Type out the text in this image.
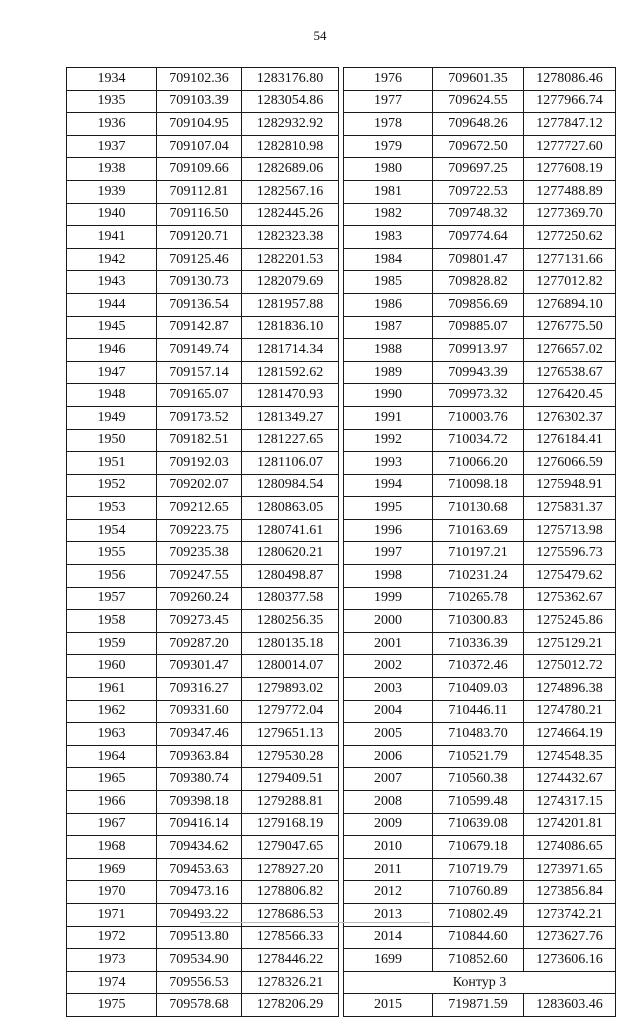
54
1934	709102.36	1283176.80
1935	709103.39	1283054.86
1936	709104.95	1282932.92
1937	709107.04	1282810.98
1938	709109.66	1282689.06
1939	709112.81	1282567.16
1940	709116.50	1282445.26
1941	709120.71	1282323.38
1942	709125.46	1282201.53
1943	709130.73	1282079.69
1944	709136.54	1281957.88
1945	709142.87	1281836.10
1946	709149.74	1281714.34
1947	709157.14	1281592.62
1948	709165.07	1281470.93
1949	709173.52	1281349.27
1950	709182.51	1281227.65
1951	709192.03	1281106.07
1952	709202.07	1280984.54
1953	709212.65	1280863.05
1954	709223.75	1280741.61
1955	709235.38	1280620.21
1956	709247.55	1280498.87
1957	709260.24	1280377.58
1958	709273.45	1280256.35
1959	709287.20	1280135.18
1960	709301.47	1280014.07
1961	709316.27	1279893.02
1962	709331.60	1279772.04
1963	709347.46	1279651.13
1964	709363.84	1279530.28
1965	709380.74	1279409.51
1966	709398.18	1279288.81
1967	709416.14	1279168.19
1968	709434.62	1279047.65
1969	709453.63	1278927.20
1970	709473.16	1278806.82
1971	709493.22	1278686.53
1972	709513.80	1278566.33
1973	709534.90	1278446.22
1974	709556.53	1278326.21
1975	709578.68	1278206.29
1976	709601.35	1278086.46
1977	709624.55	1277966.74
1978	709648.26	1277847.12
1979	709672.50	1277727.60
1980	709697.25	1277608.19
1981	709722.53	1277488.89
1982	709748.32	1277369.70
1983	709774.64	1277250.62
1984	709801.47	1277131.66
1985	709828.82	1277012.82
1986	709856.69	1276894.10
1987	709885.07	1276775.50
1988	709913.97	1276657.02
1989	709943.39	1276538.67
1990	709973.32	1276420.45
1991	710003.76	1276302.37
1992	710034.72	1276184.41
1993	710066.20	1276066.59
1994	710098.18	1275948.91
1995	710130.68	1275831.37
1996	710163.69	1275713.98
1997	710197.21	1275596.73
1998	710231.24	1275479.62
1999	710265.78	1275362.67
2000	710300.83	1275245.86
2001	710336.39	1275129.21
2002	710372.46	1275012.72
2003	710409.03	1274896.38
2004	710446.11	1274780.21
2005	710483.70	1274664.19
2006	710521.79	1274548.35
2007	710560.38	1274432.67
2008	710599.48	1274317.15
2009	710639.08	1274201.81
2010	710679.18	1274086.65
2011	710719.79	1273971.65
2012	710760.89	1273856.84
2013	710802.49	1273742.21
2014	710844.60	1273627.76
1699	710852.60	1273606.16
Контур 3		
2015	719871.59	1283603.46
